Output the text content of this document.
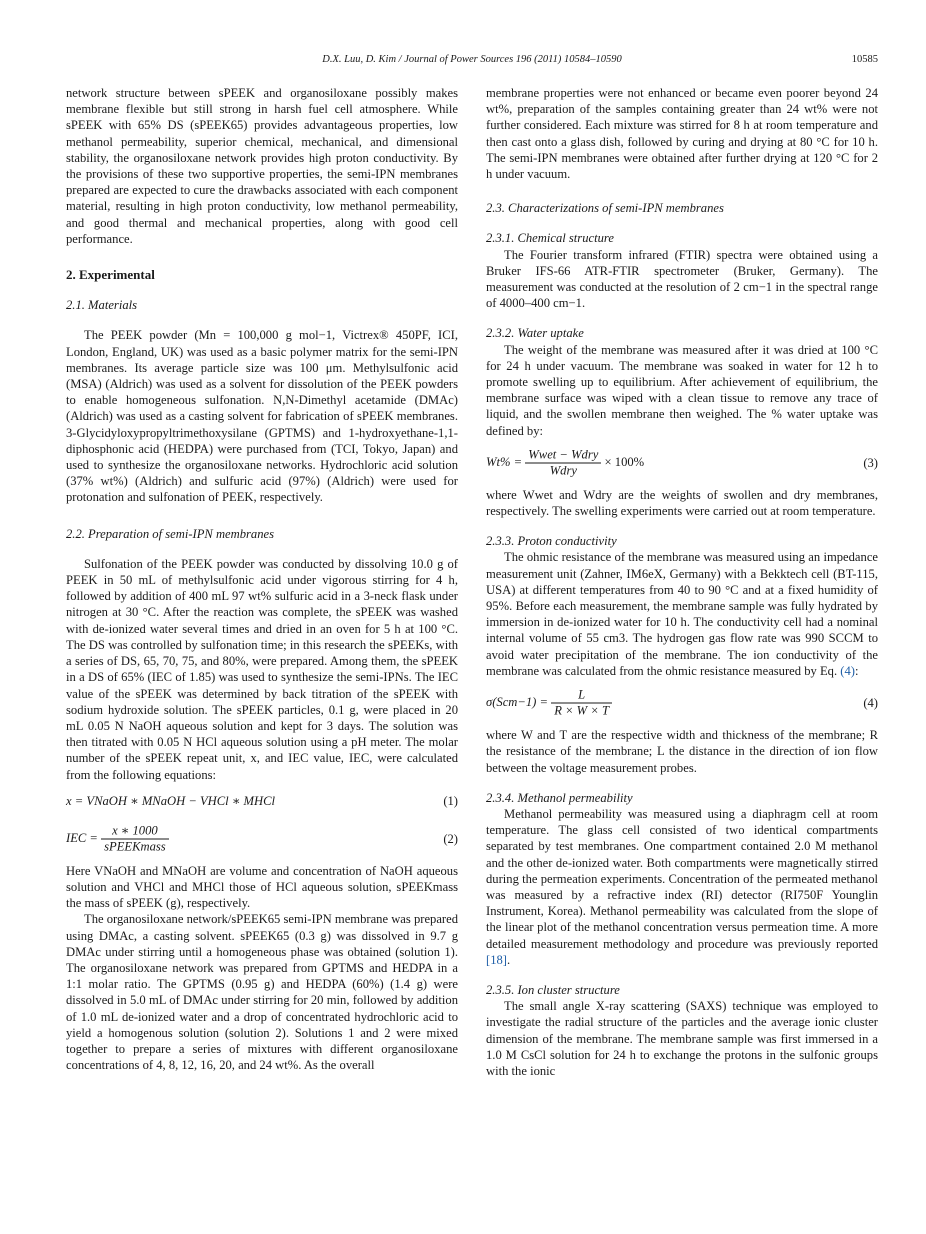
D.X. Luu, D. Kim / Journal of Power Sources 196 (2011) 10584–10590	10585

network structure between sPEEK and organosiloxane possibly makes membrane flexible but still strong in harsh fuel cell atmosphere. While sPEEK with 65% DS (sPEEK65) provides advantageous properties, low methanol permeability, superior chemical, mechanical, and dimensional stability, the organosiloxane network provides high proton conductivity. By the provisions of these two supportive properties, the semi-IPN membranes prepared are expected to cure the drawbacks associated with each component material, resulting in high proton conductivity, low methanol permeability, and good thermal and mechanical properties, along with good cell performance.

2. Experimental
2.1. Materials

The PEEK powder (Mn = 100,000 g mol−1, Victrex® 450PF, ICI, London, England, UK) was used as a basic polymer matrix for the semi-IPN membranes. Its average particle size was 100 μm. Methylsulfonic acid (MSA) (Aldrich) was used as a solvent for dissolution of the PEEK powders to enable homogeneous sulfonation. N,N-Dimethyl acetamide (DMAc) (Aldrich) was used as a casting solvent for fabrication of sPEEK membranes. 3-Glycidyloxypropyltrimethoxysilane (GPTMS) and 1-hydroxyethane-1,1-diphosphonic acid (HEDPA) were purchased from (TCI, Tokyo, Japan) and used to synthesize the organosiloxane networks. Hydrochloric acid solution (37% wt%) (Aldrich) and sulfuric acid (97%) (Aldrich) were used for protonation and sulfonation of PEEK, respectively.

2.2. Preparation of semi-IPN membranes

Sulfonation of the PEEK powder was conducted by dissolving 10.0 g of PEEK in 50 mL of methylsulfonic acid under vigorous stirring for 4 h, followed by addition of 400 mL 97 wt% sulfuric acid in a 3-neck flask under nitrogen at 30 °C. After the reaction was complete, the sPEEK was washed with de-ionized water several times and dried in an oven for 5 h at 100 °C. The DS was controlled by sulfonation time; in this research the sPEEKs, with a series of DS, 65, 70, 75, and 80%, were prepared. Among them, the sPEEK in a DS of 65% (IEC of 1.85) was used to synthesize the semi-IPNs. The IEC value of the sPEEK was determined by back titration of the sPEEK with sodium hydroxide solution. The sPEEK particles, 0.1 g, were placed in 20 mL 0.05 N NaOH aqueous solution and kept for 3 days. The solution was then titrated with 0.05 N HCl aqueous solution using a pH meter. The molar number of the sPEEK repeat unit, x, and IEC value, IEC, were calculated from the following equations:

x = VNaOH ∗ MNaOH − VHCl ∗ MHCl	(1)
IEC = $\frac{x ∗ 1000}{\text{sPEEKmass}}$	(2)

Here VNaOH and MNaOH are volume and concentration of NaOH aqueous solution and VHCl and MHCl those of HCl aqueous solution, sPEEKmass the mass of sPEEK (g), respectively.

The organosiloxane network/sPEEK65 semi-IPN membrane was prepared using DMAc, a casting solvent. sPEEK65 (0.3 g) was dissolved in 9.7 g DMAc under stirring until a homogeneous phase was obtained (solution 1). The organosiloxane network was prepared from GPTMS and HEDPA in a 1:1 molar ratio. The GPTMS (0.95 g) and HEDPA (60%) (1.4 g) were dissolved in 5.0 mL of DMAc under stirring for 20 min, followed by addition of 1.0 mL de-ionized water and a drop of concentrated hydrochloric acid to yield a homogenous solution (solution 2). Solutions 1 and 2 were mixed together to prepare a series of mixtures with different organosiloxane concentrations of 4, 8, 12, 16, 20, and 24 wt%. As the overall

membrane properties were not enhanced or became even poorer beyond 24 wt%, preparation of the samples containing greater than 24 wt% were not further considered. Each mixture was stirred for 8 h at room temperature and then cast onto a glass dish, followed by curing and drying at 80 °C for 10 h. The semi-IPN membranes were obtained after further drying at 120 °C for 2 h under vacuum.

2.3. Characterizations of semi-IPN membranes
2.3.1. Chemical structure

The Fourier transform infrared (FTIR) spectra were obtained using a Bruker IFS-66 ATR-FTIR spectrometer (Bruker, Germany). The measurement was conducted at the resolution of 2 cm−1 in the spectral range of 4000–400 cm−1.

2.3.2. Water uptake

The weight of the membrane was measured after it was dried at 100 °C for 24 h under vacuum. The membrane was soaked in water for 12 h to promote swelling up to equilibrium. After achievement of equilibrium, the membrane surface was wiped with a clean tissue to remove any trace of liquid, and the swollen membrane then weighed. The % water uptake was defined by:

$Wt\% = \frac{\text{Wwet − Wdry}}{\text{Wdry}} \times 100\%$	(3)

where Wwet and Wdry are the weights of swollen and dry membranes, respectively. The swelling experiments were carried out at room temperature.

2.3.3. Proton conductivity

The ohmic resistance of the membrane was measured using an impedance measurement unit (Zahner, IM6eX, Germany) with a Bekktech cell (BT-115, USA) at different temperatures from 40 to 90 °C and at a fixed humidity of 95%. Before each measurement, the membrane sample was fully hydrated by immersion in de-ionized water for 10 h. The conductivity cell had a nominal internal volume of 55 cm3. The hydrogen gas flow rate was 990 SCCM to avoid water precipitation of the membrane. The ion conductivity of the membrane was calculated from the ohmic resistance measured by Eq. (4):

$\sigma(Scm-1) = \frac{L}{R \times W \times T}$	(4)

where W and T are the respective width and thickness of the membrane; R the resistance of the membrane; L the distance in the direction of ion flow between the voltage measurement probes.

2.3.4. Methanol permeability

Methanol permeability was measured using a diaphragm cell at room temperature. The glass cell consisted of two identical compartments separated by test membranes. One compartment contained 2.0 M methanol and the other de-ionized water. Both compartments were magnetically stirred during the permeation experiments. Concentration of the permeated methanol was measured by a refractive index (RI) detector (RI750F Younglin Instrument, Korea). Methanol permeability was calculated from the slope of the linear plot of the methanol concentration versus permeation time. A more detailed measurement methodology and procedure was previously reported [18].

2.3.5. Ion cluster structure

The small angle X-ray scattering (SAXS) technique was employed to investigate the radial structure of the particles and the average ionic cluster dimension of the membrane. The membrane sample was first immersed in a 1.0 M CsCl solution for 24 h to exchange the protons in the sulfonic groups with the ionic
